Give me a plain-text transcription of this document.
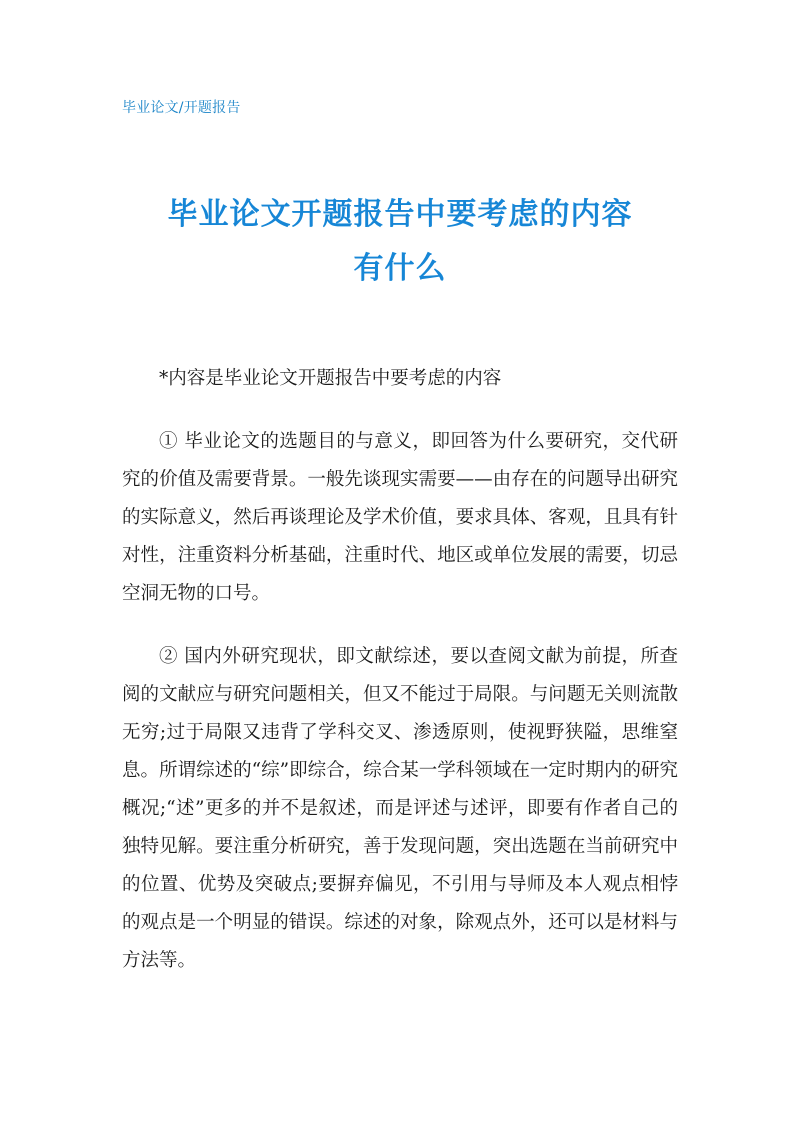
毕业论文/开题报告
毕业论文开题报告中要考虑的内容
有什么

*内容是毕业论文开题报告中要考虑的内容

① 毕业论文的选题目的与意义，即回答为什么要研究，交代研究的价值及需要背景。一般先谈现实需要——由存在的问题导出研究的实际意义，然后再谈理论及学术价值，要求具体、客观，且具有针对性，注重资料分析基础，注重时代、地区或单位发展的需要，切忌空洞无物的口号。

② 国内外研究现状，即文献综述，要以查阅文献为前提，所查阅的文献应与研究问题相关，但又不能过于局限。与问题无关则流散无穷;过于局限又违背了学科交叉、渗透原则，使视野狭隘，思维窒息。所谓综述的“综”即综合，综合某一学科领域在一定时期内的研究概况;“述”更多的并不是叙述，而是评述与述评，即要有作者自己的独特见解。要注重分析研究，善于发现问题，突出选题在当前研究中的位置、优势及突破点;要摒弃偏见，不引用与导师及本人观点相悖的观点是一个明显的错误。综述的对象，除观点外，还可以是材料与方法等。
